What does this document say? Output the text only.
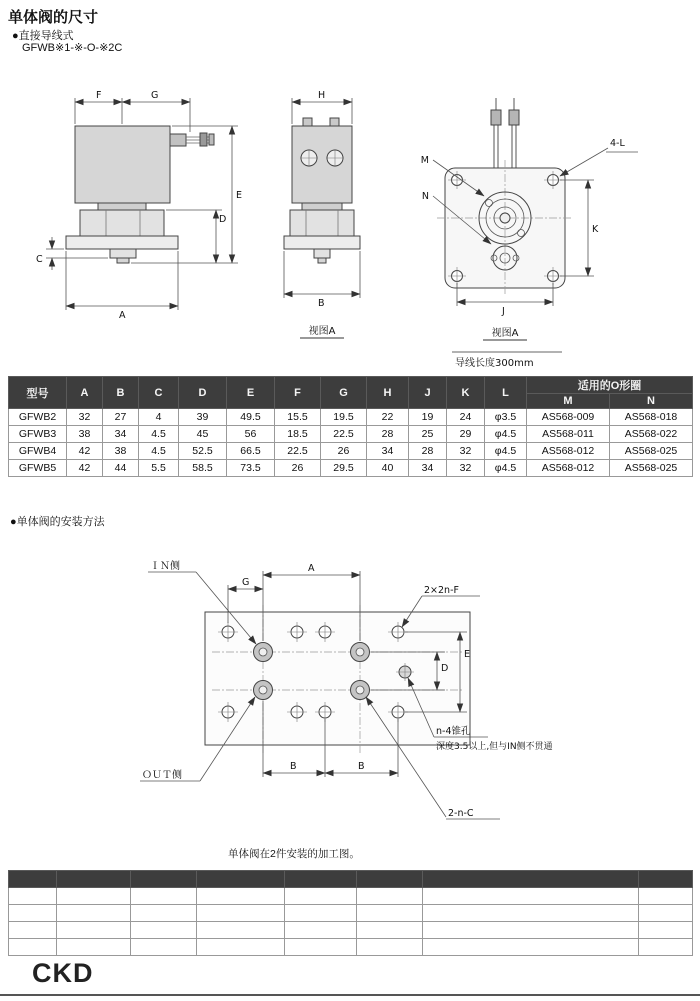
单体阀的尺寸
●直接导线式
GFWB※1-※-O-※2C
F	G
A
C
D
E
H
B
视图A
M
N
4-L
K
J
视图A
导线长度300mm
型号	A	B	C	D	E	F	G	H	J	K	L	适用的O形圈	
												M	N
GFWB2	32	27	4	39	49.5	15.5	19.5	22	19	24	φ3.5	AS568-009	AS568-018
GFWB3	38	34	4.5	45	56	18.5	22.5	28	25	29	φ4.5	AS568-011	AS568-022
GFWB4	42	38	4.5	52.5	66.5	22.5	26	34	28	32	φ4.5	AS568-012	AS568-025
GFWB5	42	44	5.5	58.5	73.5	26	29.5	40	34	32	φ4.5	AS568-012	AS568-025
●单体阀的安装方法
A
G
D
E
B	B
ＩＮ侧
ＯＵＴ侧
2×2n-F
n-4锥孔
深度3.5以上,但与IN侧不贯通
2-n-C
单体阀在2件安装的加工图。

CKD
